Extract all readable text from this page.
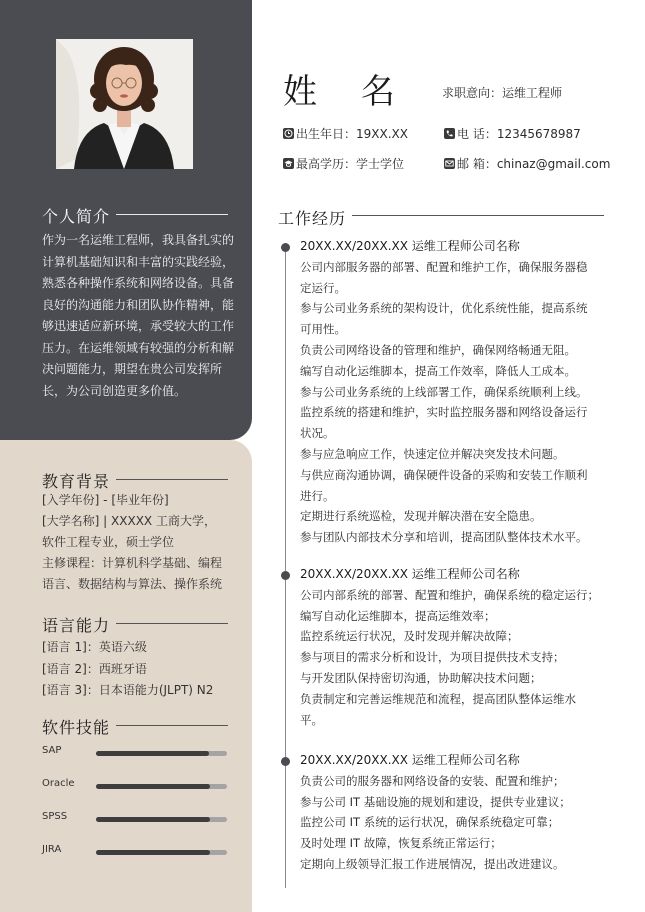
个人简介
作为一名运维工程师，我具备扎实的计算机基础知识和丰富的实践经验，熟悉各种操作系统和网络设备。具备良好的沟通能力和团队协作精神，能够迅速适应新环境，承受较大的工作压力。在运维领域有较强的分析和解决问题能力，期望在贵公司发挥所长，为公司创造更多价值。
教育背景
[入学年份] - [毕业年份]
[大学名称] | XXXXX 工商大学，
软件工程专业，硕士学位
主修课程：计算机科学基础、编程
语言、数据结构与算法、操作系统
语言能力
[语言 1]：英语六级
[语言 2]：西班牙语
[语言 3]：日本语能力(JLPT) N2
软件技能
SAP
Oracle
SPSS
JIRA
姓名 求职意向：运维工程师
出生年日：19XX.XX	电 话：12345678987
最高学历：学士学位	邮 箱：chinaz@gmail.com
工作经历
20XX.XX/20XX.XX 运维工程师公司名称
公司内部服务器的部署、配置和维护工作，确保服务器稳
定运行。
参与公司业务系统的架构设计，优化系统性能，提高系统
可用性。
负责公司网络设备的管理和维护，确保网络畅通无阻。
编写自动化运维脚本，提高工作效率，降低人工成本。
参与公司业务系统的上线部署工作，确保系统顺利上线。
监控系统的搭建和维护，实时监控服务器和网络设备运行
状况。
参与应急响应工作，快速定位并解决突发技术问题。
与供应商沟通协调，确保硬件设备的采购和安装工作顺利
进行。
定期进行系统巡检，发现并解决潜在安全隐患。
参与团队内部技术分享和培训，提高团队整体技术水平。
20XX.XX/20XX.XX 运维工程师公司名称
公司内部系统的部署、配置和维护，确保系统的稳定运行；
编写自动化运维脚本，提高运维效率；
监控系统运行状况，及时发现并解决故障；
参与项目的需求分析和设计，为项目提供技术支持；
与开发团队保持密切沟通，协助解决技术问题；
负责制定和完善运维规范和流程，提高团队整体运维水
平。
20XX.XX/20XX.XX 运维工程师公司名称
负责公司的服务器和网络设备的安装、配置和维护；
参与公司 IT 基础设施的规划和建设，提供专业建议；
监控公司 IT 系统的运行状况，确保系统稳定可靠；
及时处理 IT 故障，恢复系统正常运行；
定期向上级领导汇报工作进展情况，提出改进建议。
